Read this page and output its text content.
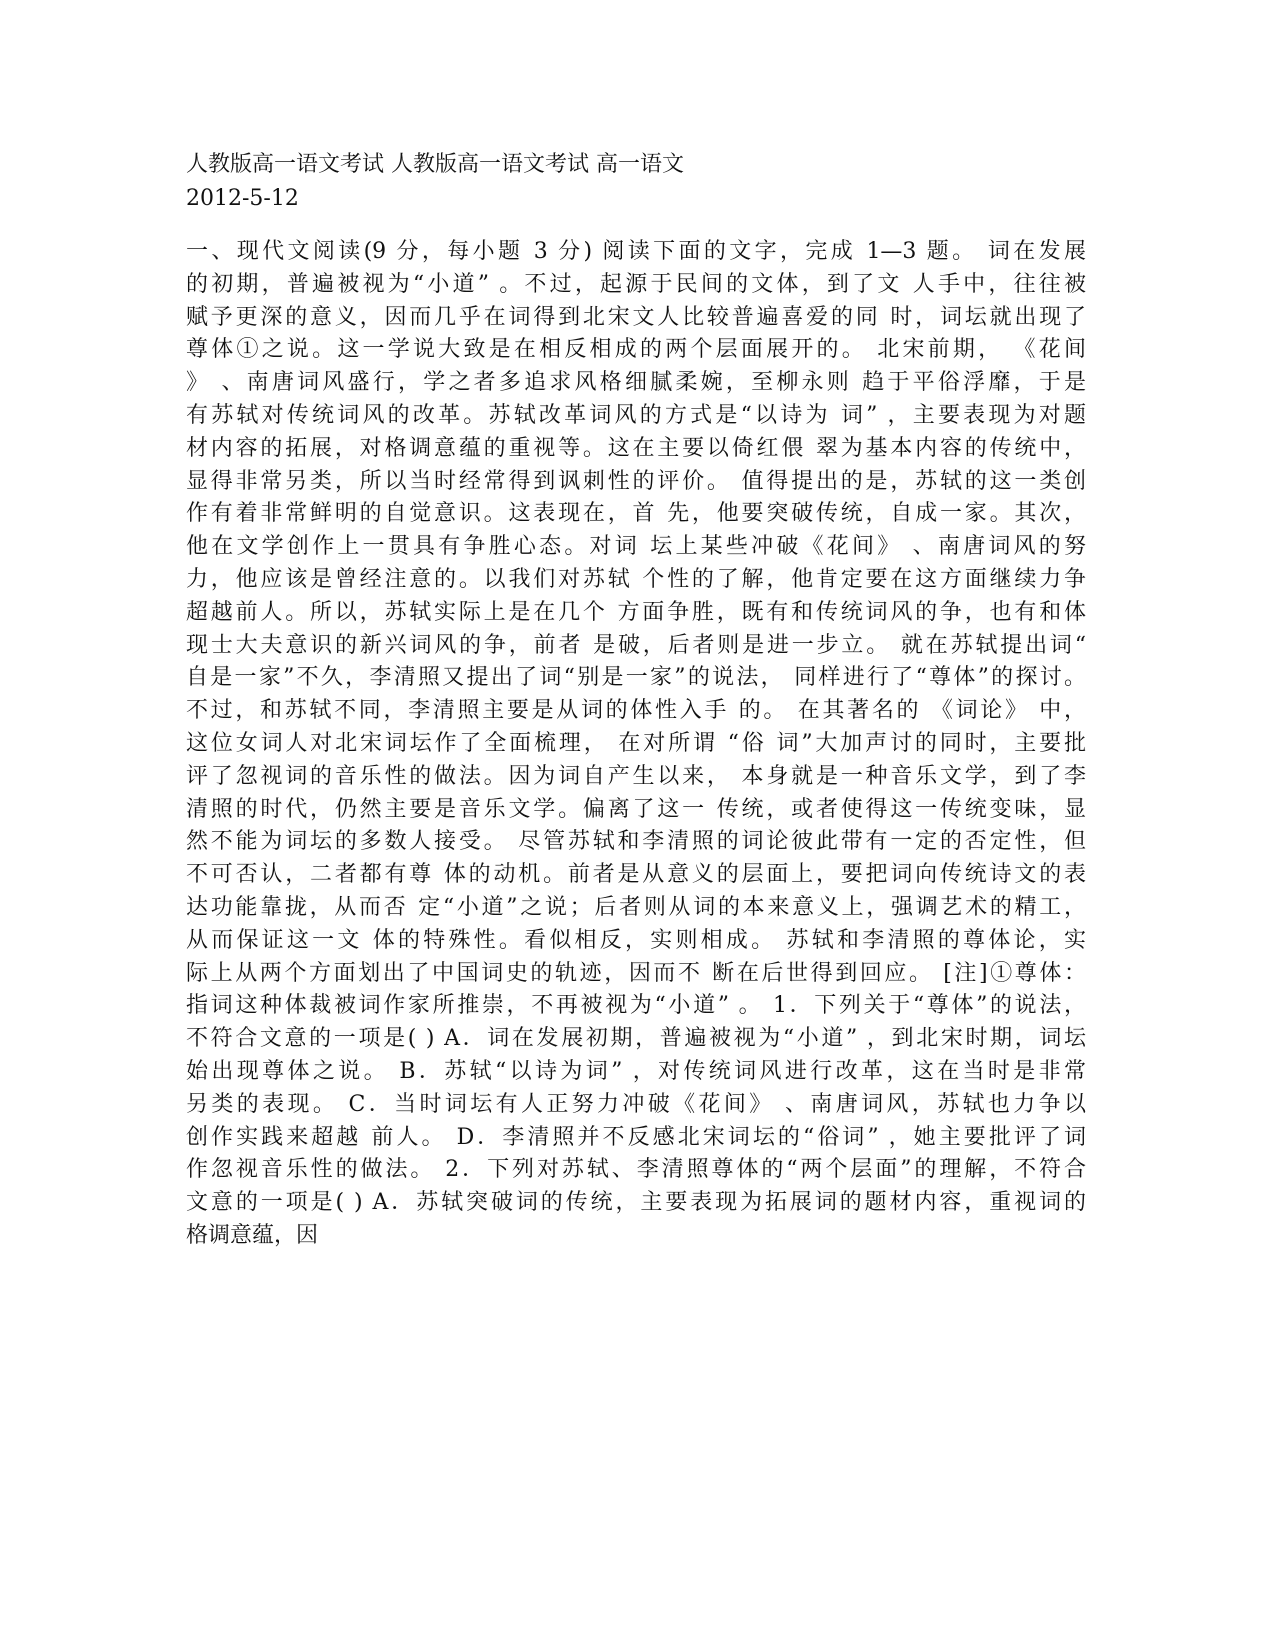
人教版高一语文考试 人教版高一语文考试 高一语文
2012-5-12
一、现代文阅读(9 分，每小题 3 分) 阅读下面的文字，完成 1—3 题。 词在发展
的初期，普遍被视为“小道” 。不过，起源于民间的文体，到了文 人手中，往往被
赋予更深的意义，因而几乎在词得到北宋文人比较普遍喜爱的同 时，词坛就出现了
尊体①之说。这一学说大致是在相反相成的两个层面展开的。 北宋前期， 《花间
》 、南唐词风盛行，学之者多追求风格细腻柔婉，至柳永则 趋于平俗浮靡，于是
有苏轼对传统词风的改革。苏轼改革词风的方式是“以诗为 词” ，主要表现为对题
材内容的拓展，对格调意蕴的重视等。这在主要以倚红偎 翠为基本内容的传统中，
显得非常另类，所以当时经常得到讽刺性的评价。 值得提出的是，苏轼的这一类创
作有着非常鲜明的自觉意识。这表现在，首 先，他要突破传统，自成一家。其次，
他在文学创作上一贯具有争胜心态。对词 坛上某些冲破《花间》 、南唐词风的努
力，他应该是曾经注意的。以我们对苏轼 个性的了解，他肯定要在这方面继续力争
超越前人。所以，苏轼实际上是在几个 方面争胜，既有和传统词风的争，也有和体
现士大夫意识的新兴词风的争，前者 是破，后者则是进一步立。 就在苏轼提出词“
自是一家”不久，李清照又提出了词“别是一家”的说法， 同样进行了“尊体”的探讨。
不过，和苏轼不同，李清照主要是从词的体性入手 的。 在其著名的 《词论》 中，
这位女词人对北宋词坛作了全面梳理， 在对所谓 “俗 词”大加声讨的同时，主要批
评了忽视词的音乐性的做法。因为词自产生以来， 本身就是一种音乐文学，到了李
清照的时代，仍然主要是音乐文学。偏离了这一 传统，或者使得这一传统变味，显
然不能为词坛的多数人接受。 尽管苏轼和李清照的词论彼此带有一定的否定性，但
不可否认，二者都有尊 体的动机。前者是从意义的层面上，要把词向传统诗文的表
达功能靠拢，从而否 定“小道”之说；后者则从词的本来意义上，强调艺术的精工，
从而保证这一文 体的特殊性。看似相反，实则相成。 苏轼和李清照的尊体论，实
际上从两个方面划出了中国词史的轨迹，因而不 断在后世得到回应。 [注]①尊体：
指词这种体裁被词作家所推崇，不再被视为“小道” 。 1．下列关于“尊体”的说法，
不符合文意的一项是( ) A．词在发展初期，普遍被视为“小道” ，到北宋时期，词坛
始出现尊体之说。 B．苏轼“以诗为词” ，对传统词风进行改革，这在当时是非常
另类的表现。 C．当时词坛有人正努力冲破《花间》 、南唐词风，苏轼也力争以
创作实践来超越 前人。 D．李清照并不反感北宋词坛的“俗词” ，她主要批评了词
作忽视音乐性的做法。 2．下列对苏轼、李清照尊体的“两个层面”的理解，不符合
文意的一项是( ) A．苏轼突破词的传统，主要表现为拓展词的题材内容，重视词的
格调意蕴，因
